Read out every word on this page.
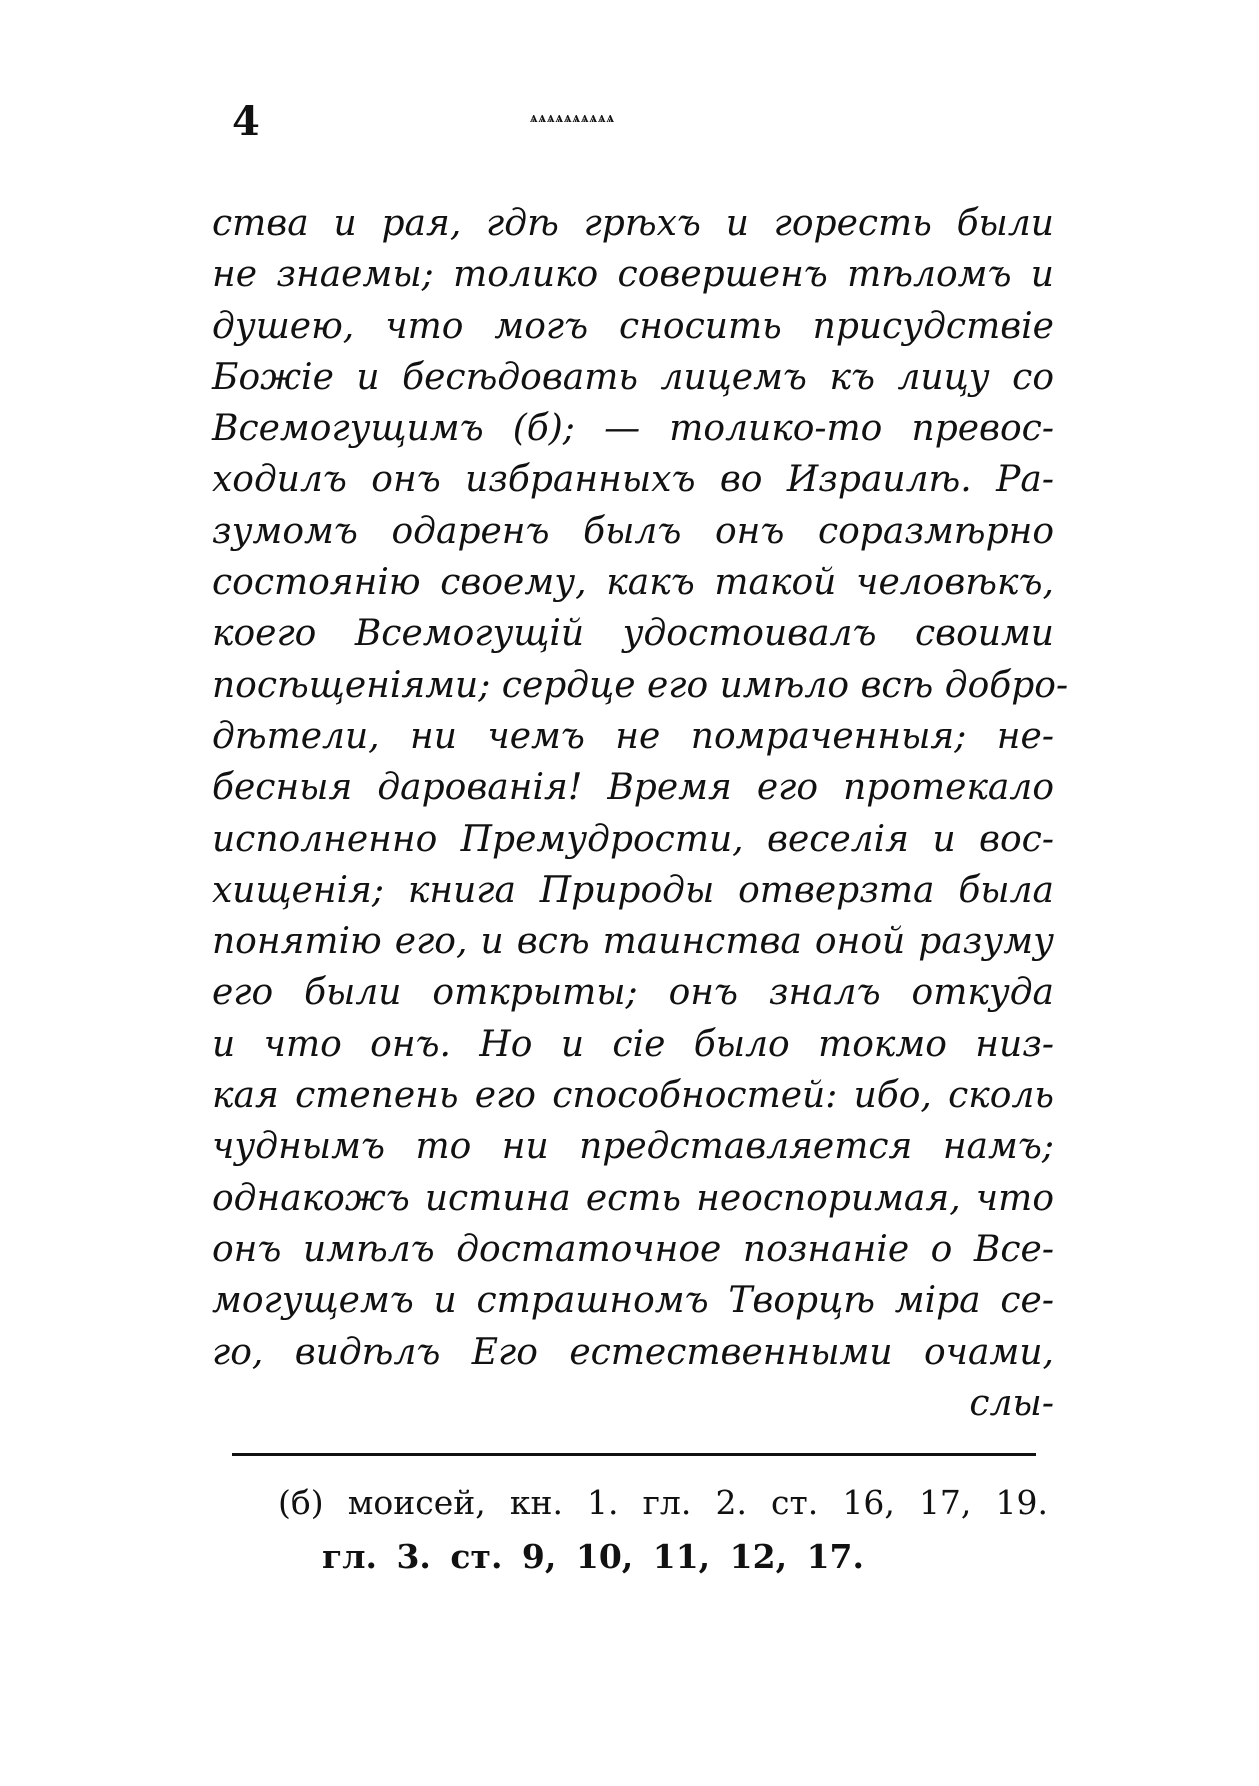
4	ѧѧѧѧѧѧѧѧѧѧ
ства и рая, гдѣ грѣхъ и горесть были
не знаемы; толико совершенъ тѣломъ и
душею, что могъ сносить присудствіе
Божіе и бесѣдовать лицемъ къ лицу со
Всемогущимъ (б); — толико-то превос-
ходилъ онъ избранныхъ во Израилѣ. Ра-
зумомъ одаренъ былъ онъ соразмѣрно
состоянію своему, какъ такой человѣкъ,
коего Всемогущій удостоивалъ своими
посѣщеніями; сердце его имѣло всѣ добро-
дѣтели, ни чемъ не помраченныя; не-
бесныя дарованія! Время его протекало
исполненно Премудрости, веселія и вос-
хищенія; книга Природы отверзта была
понятію его, и всѣ таинства оной разуму
его были открыты; онъ зналъ откуда
и что онъ. Но и сіе было токмо низ-
кая степень его способностей: ибо, сколь
чуднымъ то ни представляется намъ;
однакожъ истина есть неоспоримая, что
онъ имѣлъ достаточное познаніе о Все-
могущемъ и страшномъ Творцѣ міра се-
го, видѣлъ Его естественными очами,
слы-
(б) моисей, кн. 1. гл. 2. ст. 16, 17, 19.
гл. 3. ст. 9, 10, 11, 12, 17.
